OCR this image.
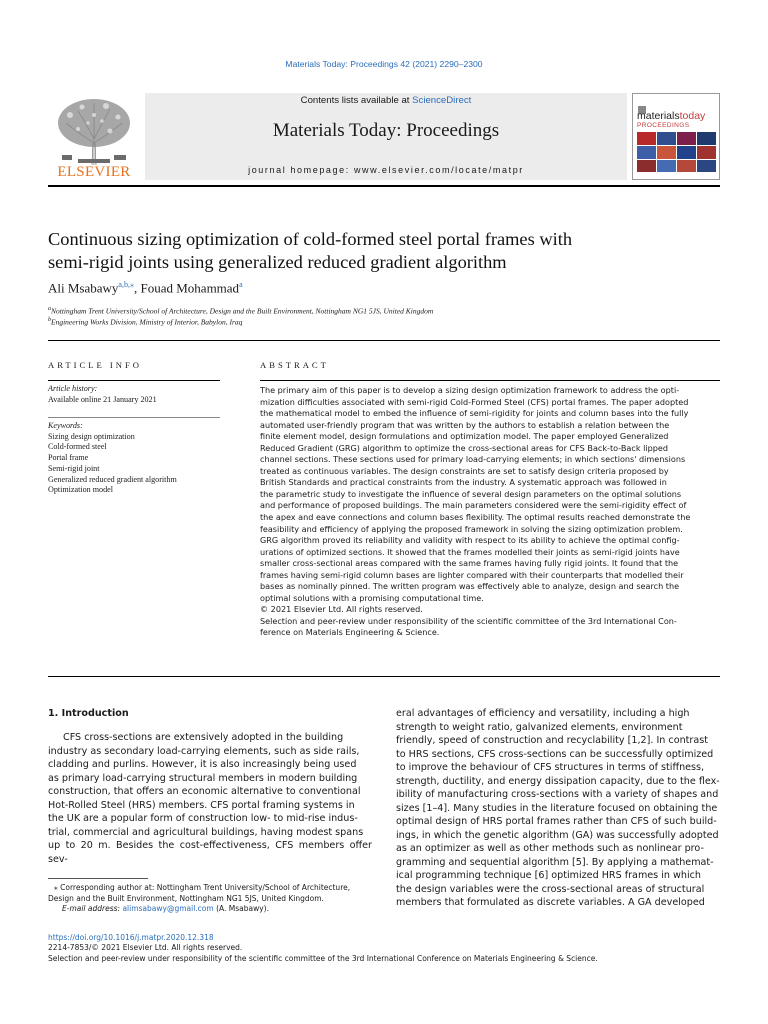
Materials Today: Proceedings 42 (2021) 2290–2300
ELSEVIER
Contents lists available at ScienceDirect
Materials Today: Proceedings
journal homepage: www.elsevier.com/locate/matpr
materialstoday
PROCEEDINGS
Continuous sizing optimization of cold-formed steel portal frames with
semi-rigid joints using generalized reduced gradient algorithm
Ali Msabawy$^{a,b,⁎}$, Fouad Mohammad$^a$
$^a$Nottingham Trent University/School of Architecture, Design and the Built Environment, Nottingham NG1 5JS, United Kingdom
$^b$Engineering Works Division, Ministry of Interior, Babylon, Iraq
ARTICLE INFO
Article history:
Available online 21 January 2021
Keywords:
Sizing design optimization
Cold-formed steel
Portal frame
Semi-rigid joint
Generalized reduced gradient algorithm
Optimization model
ABSTRACT
The primary aim of this paper is to develop a sizing design optimization framework to address the opti-
mization difficulties associated with semi-rigid Cold-Formed Steel (CFS) portal frames. The paper adopted
the mathematical model to embed the influence of semi-rigidity for joints and column bases into the fully
automated user-friendly program that was written by the authors to establish a relation between the
finite element model, design formulations and optimization model. The paper employed Generalized
Reduced Gradient (GRG) algorithm to optimize the cross-sectional areas for CFS Back-to-Back lipped
channel sections. These sections used for primary load-carrying elements; in which sections' dimensions
treated as continuous variables. The design constraints are set to satisfy design criteria proposed by
British Standards and practical constraints from the industry. A systematic approach was followed in
the parametric study to investigate the influence of several design parameters on the optimal solutions
and performance of proposed buildings. The main parameters considered were the semi-rigidity effect of
the apex and eave connections and column bases flexibility. The optimal results reached demonstrate the
feasibility and efficiency of applying the proposed framework in solving the sizing optimization problem.
GRG algorithm proved its reliability and validity with respect to its ability to achieve the optimal config-
urations of optimized sections. It showed that the frames modelled their joints as semi-rigid joints have
smaller cross-sectional areas compared with the same frames having fully rigid joints. It found that the
frames having semi-rigid column bases are lighter compared with their counterparts that modelled their
bases as nominally pinned. The written program was effectively able to analyze, design and search the
optimal solutions with a promising computational time.
© 2021 Elsevier Ltd. All rights reserved.
Selection and peer-review under responsibility of the scientific committee of the 3rd International Con-
ference on Materials Engineering & Science.
1. Introduction
CFS cross-sections are extensively adopted in the building
industry as secondary load-carrying elements, such as side rails,
cladding and purlins. However, it is also increasingly being used
as primary load-carrying structural members in modern building
construction, that offers an economic alternative to conventional
Hot-Rolled Steel (HRS) members. CFS portal framing systems in
the UK are a popular form of construction low- to mid-rise indus-
trial, commercial and agricultural buildings, having modest spans
up to 20 m. Besides the cost-effectiveness, CFS members offer sev-
eral advantages of efficiency and versatility, including a high
strength to weight ratio, galvanized elements, environment
friendly, speed of construction and recyclability [1,2]. In contrast
to HRS sections, CFS cross-sections can be successfully optimized
to improve the behaviour of CFS structures in terms of stiffness,
strength, ductility, and energy dissipation capacity, due to the flex-
ibility of manufacturing cross-sections with a variety of shapes and
sizes [1–4]. Many studies in the literature focused on obtaining the
optimal design of HRS portal frames rather than CFS of such build-
ings, in which the genetic algorithm (GA) was successfully adopted
as an optimizer as well as other methods such as nonlinear pro-
gramming and sequential algorithm [5]. By applying a mathemat-
ical programming technique [6] optimized HRS frames in which
the design variables were the cross-sectional areas of structural
members that formulated as discrete variables. A GA developed
⁎ Corresponding author at: Nottingham Trent University/School of Architecture,
Design and the Built Environment, Nottingham NG1 5JS, United Kingdom.
E-mail address: alimsabawy@gmail.com (A. Msabawy).
https://doi.org/10.1016/j.matpr.2020.12.318
2214-7853/© 2021 Elsevier Ltd. All rights reserved.
Selection and peer-review under responsibility of the scientific committee of the 3rd International Conference on Materials Engineering & Science.
